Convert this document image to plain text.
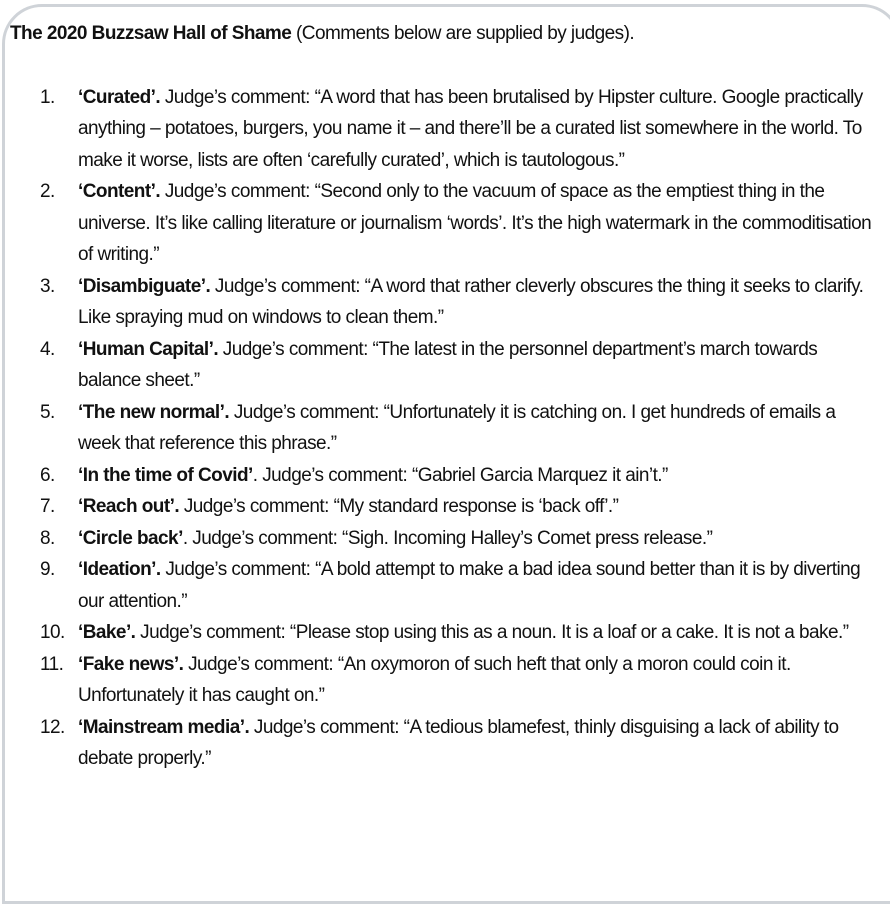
The 2020 Buzzsaw Hall of Shame (Comments below are supplied by judges).

1. ‘Curated’. Judge’s comment: “A word that has been brutalised by Hipster culture. Google practically anything – potatoes, burgers, you name it – and there’ll be a curated list somewhere in the world. To make it worse, lists are often ‘carefully curated’, which is tautologous.”
2. ‘Content’. Judge’s comment: “Second only to the vacuum of space as the emptiest thing in the universe. It’s like calling literature or journalism ‘words’. It’s the high watermark in the commoditisation of writing.”
3. ‘Disambiguate’. Judge’s comment: “A word that rather cleverly obscures the thing it seeks to clarify. Like spraying mud on windows to clean them.”
4. ‘Human Capital’. Judge’s comment: “The latest in the personnel department’s march towards balance sheet.”
5. ‘The new normal’. Judge’s comment: “Unfortunately it is catching on. I get hundreds of emails a week that reference this phrase.”
6. ‘In the time of Covid’. Judge’s comment: “Gabriel Garcia Marquez it ain’t.”
7. ‘Reach out’. Judge’s comment: “My standard response is ‘back off’.”
8. ‘Circle back’. Judge’s comment: “Sigh. Incoming Halley’s Comet press release.”
9. ‘Ideation’. Judge’s comment: “A bold attempt to make a bad idea sound better than it is by diverting our attention.”
10. ‘Bake’. Judge’s comment: “Please stop using this as a noun. It is a loaf or a cake. It is not a bake.”
11. ‘Fake news’. Judge’s comment: “An oxymoron of such heft that only a moron could coin it. Unfortunately it has caught on.”
12. ‘Mainstream media’. Judge’s comment: “A tedious blamefest, thinly disguising a lack of ability to debate properly.”
